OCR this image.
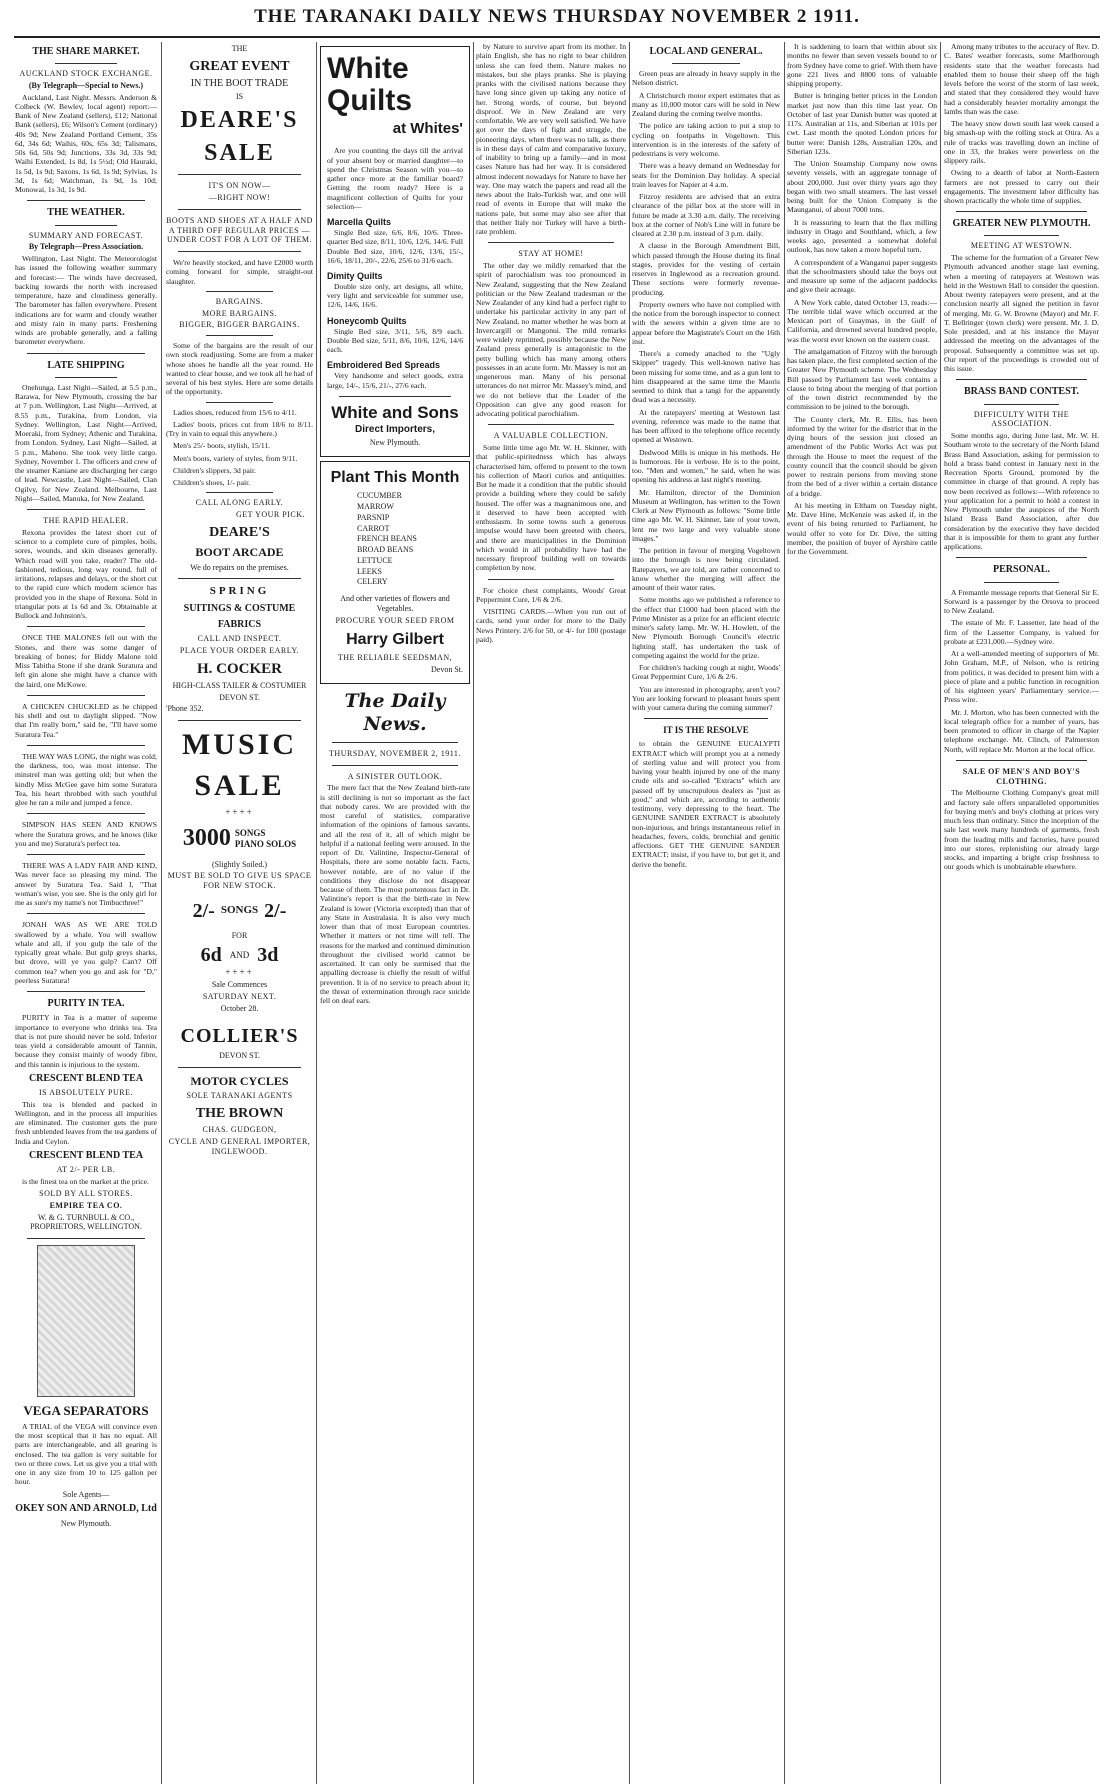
THE TARANAKI DAILY NEWS THURSDAY NOVEMBER 2 1911.
THE SHARE MARKET.
AUCKLAND STOCK EXCHANGE.
(By Telegraph—Special to News.)

Auckland, Last Night. Messrs. Anderson & Colbeck (W. Bewlev, local agent) report:—Bank of New Zealand (sellers), £12; National Bank (sellers), £6; Wilson's Cement (ordinary) 40s 9d; New Zealand Portland Cement, 35s 6d, 34s 6d; Waihis, 60s, 65s 3d; Talismans, 50s 6d, 50s 9d; Junctions, 33s 3d, 33s 9d; Waihi Extended, 1s 8d, 1s 5½d; Old Hauraki, 1s 5d, 1s 9d; Saxons, 1s 6d, 1s 9d; Sylvias, 1s 3d, 1s 6d; Watchman, 1s 9d, 1s 10d; Monowai, 1s 3d, 1s 9d.

THE WEATHER.
SUMMARY AND FORECAST.
By Telegraph—Press Association.

Wellington, Last Night. The Meteorologist has issued the following weather summary and forecast:— The winds have decreased, backing towards the north with increased temperature, haze and cloudiness generally. The barometer has fallen everywhere. Present indications are for warm and cloudy weather and misty rain in many parts. Freshening winds are probable generally, and a falling barometer everywhere.

LATE SHIPPING

Onehunga, Last Night—Sailed, at 5.5 p.m., Rarawa, for New Plymouth, crossing the bar at 7 p.m. Wellington, Last Night—Arrived, at 8.55 p.m., Turakina, from London, via Sydney. Wellington, Last Night—Arrived, Moeraki, from Sydney; Athenic and Turakina, from London. Sydney, Last Night—Sailed, at 5 p.m., Maheno. She took very little cargo. Sydney, November 1. The officers and crew of the steamer Kaniane are discharging her cargo of lead. Newcastle, Last Night—Sailed, Clan Ogilvy, for New Zealand. Melbourne, Last Night—Sailed, Manuka, for New Zealand.

THE RAPID HEALER.

Rexona provides the latest short cut of science to a complete cure of pimples, boils, sores, wounds, and skin diseases generally. Which road will you take, reader? The old-fashioned, tedious, long way round, full of irritations, relapses and delays, or the short cut to the rapid cure which modern science has provided you in the shape of Rexona. Sold in triangular pots at 1s 6d and 3s. Obtainable at Bullock and Johnston's.

ONCE THE MALONES fell out with the Stones, and there was some danger of breaking of bones; for Biddy Malone told Miss Tabitha Stone if she drank Suratura and left gin alone she might have a chance with the laird, one McKowe.

A CHICKEN CHUCKLED as he chipped his shell and out to daylight slipped. "Now that I'm really born," said he, "I'll have some Suratura Tea."

THE WAY WAS LONG, the night was cold; the darkness, too, was most intense. The minstrel man was getting old; but when the kindly Miss McGee gave him some Suratura Tea, his heart throbbed with such youthful glee he ran a mile and jumped a fence.

SIMPSON HAS SEEN AND KNOWS where the Suratura grows, and he knows (like you and me) Suratura's perfect tea.

THERE WAS A LADY FAIR AND KIND, Was never face so pleasing my mind. The answer by Suratura Tea. Said I, "That woman's wise, you see. She is the only girl for me as sure's my name's not Timbucthree!"

JONAH WAS AS WE ARE TOLD swallowed by a whale. You will swallow whale and all, if you gulp the tale of the typically great whale. But gulp greys sharks, but drove, will ye you gulp? Can't? Off common tea? when you go and ask for "D," peerless Suratura!

PURITY IN TEA.

PURITY in Tea is a matter of supreme importance to everyone who drinks tea. Tea that is not pure should never be sold. Inferior teas yield a considerable amount of Tannin, because they consist mainly of woody fibre, and this tannin is injurious to the system.

CRESCENT BLEND TEA
IS ABSOLUTELY PURE.

This tea is blended and packed in Wellington, and in the process all impurities are eliminated. The customer gets the pure fresh unblended leaves from the tea gardens of India and Ceylon.

CRESCENT BLEND TEA
AT 2/- PER LB.

is the finest tea on the market at the price.

SOLD BY ALL STORES.
EMPIRE TEA CO.
W. & G. TURNBULL & CO., PROPRIETORS, WELLINGTON.
VEGA SEPARATORS

A TRIAL of the VEGA will convince even the most sceptical that it has no equal. All parts are interchangeable, and all gearing is enclosed. The tea gallon is very suitable for two or three cows. Let us give you a trial with one in any size from 10 to 125 gallon per hour.

Sole Agents—
OKEY SON AND ARNOLD, Ltd
New Plymouth.
THE
GREAT EVENT
IN THE BOOT TRADE
IS
DEARE'S
SALE
IT'S ON NOW—
—RIGHT NOW!
BOOTS AND SHOES AT A HALF AND A THIRD OFF REGULAR PRICES — UNDER COST FOR A LOT OF THEM.

We're heavily stocked, and have £2000 worth coming forward for simple, straight-out slaughter.

BARGAINS.
MORE BARGAINS.
BIGGER, BIGGER BARGAINS.

Some of the bargains are the result of our own stock readjusting. Some are from a maker whose shoes he handle all the year round. He wanted to clear house, and we took all he had of several of his best styles. Here are some details of the opportunity.

Ladies shoes, reduced from 15/6 to 4/11.

Ladies' boots, prices cut from 18/6 to 8/11. (Try in vain to equal this anywhere.)

Men's 25/- boots, stylish, 15/11.

Men's boots, variety of styles, from 9/11.

Children's slippers, 3d pair.

Children's shoes, 1/- pair.

CALL ALONG EARLY.
GET YOUR PICK.
DEARE'S
BOOT ARCADE
We do repairs on the premises.
SPRING
SUITINGS & COSTUME
FABRICS
CALL AND INSPECT.
PLACE YOUR ORDER EARLY.
H. COCKER
HIGH-CLASS TAILER & COSTUMIER
DEVON ST.
'Phone 352.
MUSIC
SALE
++++
3000 SONGS
PIANO SOLOS
(Slightly Soiled.)
MUST BE SOLD TO GIVE US SPACE FOR NEW STOCK.
2/- SONGS 2/-
FOR
6d AND 3d
++++
Sale Commences
SATURDAY NEXT.
October 28.
COLLIER'S
DEVON ST.
MOTOR CYCLES
SOLE TARANAKI AGENTS
THE BROWN
CHAS. GUDGEON,
CYCLE AND GENERAL IMPORTER, INGLEWOOD.
White
Quilts
at Whites'

Are you counting the days till the arrival of your absent boy or married daughter—to spend the Christmas Season with you—to gather once more at the familiar board? Getting the room ready? Here is a magnificent collection of Quilts for your selection—

Marcella Quilts

Single Bed size, 6/6, 8/6, 10/6. Three-quarter Bed size, 8/11, 10/6, 12/6, 14/6. Full Double Bed size, 10/6, 12/6, 13/6, 15/-, 16/6, 18/11, 20/-, 22/6, 25/6 to 31/6 each.

Dimity Quilts

Double size only, art designs, all white, very light and serviceable for summer use, 12/6, 14/6, 16/6.

Honeycomb Quilts

Single Bed size, 3/11, 5/6, 8/9 each. Double Bed size, 5/11, 8/6, 10/6, 12/6, 14/6 each.

Embroidered Bed Spreads

Very handsome and select goods, extra large, 14/-, 15/6, 21/-, 27/6 each.

White and Sons
Direct Importers,
New Plymouth.
Plant This Month
CUCUMBER
MARROW
PARSNIP
CARROT
FRENCH BEANS
BROAD BEANS
LETTUCE
LEEKS
CELERY
And other varieties of flowers and Vegetables.
PROCURE YOUR SEED FROM
Harry Gilbert
THE RELIABLE SEEDSMAN,
Devon St.
The Daily News.
THURSDAY, NOVEMBER 2, 1911.
A SINISTER OUTLOOK.

The mere fact that the New Zealand birth-rate is still declining is not so important as the fact that nobody cares. We are provided with the most careful of statistics, comparative information of the opinions of famous savants, and all the rest of it, all of which might be helpful if a national feeling were aroused. In the report of Dr. Valintine, Inspector-General of Hospitals, there are some notable facts. Facts, however notable, are of no value if the conditions they disclose do not disappear because of them. The most portentous fact in Dr. Valintine's report is that the birth-rate in New Zealand is lower (Victoria excepted) than that of any State in Australasia. It is also very much lower than that of most European countries. Whether it matters or not time will tell. The reasons for the marked and continued diminution throughout the civilised world cannot be ascertained. It can only be surmised that the appalling decrease is chiefly the result of wilful prevention. It is of no service to preach about it; the threat of extermination through race suicide fell on deaf ears.

by Nature to survive apart from its mother. In plain English, she has no right to bear children unless she can feed them. Nature makes no mistakes, but she plays pranks. She is playing pranks with the civilised nations because they have long since given up taking any notice of her. Strong words, of course, but beyond disproof. We in New Zealand are very comfortable. We are very well satisfied. We have got over the days of fight and struggle, the pioneering days, when there was no talk, as there is in these days of calm and comparative luxury, of inability to bring up a family—and in most cases Nature has had her way. It is considered almost indecent nowadays for Nature to have her way. One may watch the papers and read all the news about the Italo-Turkish war, and one will read of events in Europe that will make the nations pale, but some may also see after that that neither Italy nor Turkey will have a birth-rate problem.

STAY AT HOME!

The other day we mildly remarked that the spirit of parochialism was too pronounced in New Zealand, suggesting that the New Zealand politician or the New Zealand tradesman or the New Zealander of any kind had a perfect right to undertake his particular activity in any part of New Zealand, no matter whether he was born at Invercargill or Mangonui. The mild remarks were widely reprinted, possibly because the New Zealand press generally is antagonistic to the petty bulling which has many among others possesses in an acute form. Mr. Massey is not an ungenerous man. Many of his personal utterances do not mirror Mr. Massey's mind, and we do not believe that the Leader of the Opposition can give any good reason for advocating political parochialism.

A VALUABLE COLLECTION.

Some little time ago Mr. W. H. Skinner, with that public-spiritedness which has always characterised him, offered to present to the town his collection of Maori curios and antiquities. But he made it a condition that the public should provide a building where they could be safely housed. The offer was a magnanimous one, and it deserved to have been accepted with enthusiasm. In some towns such a generous impulse would have been greeted with cheers, and there are municipalities in the Dominion which would in all probability have had the necessary fireproof building well on towards completion by now.

For choice chest complaints, Woods' Great Peppermint Cure, 1/6 & 2/6.

VISITING CARDS.—When you run out of cards, send your order for more to the Daily News Printery. 2/6 for 50, or 4/- for 100 (postage paid).

LOCAL AND GENERAL.

Green peas are already in heavy supply in the Nelson district.

A Christchurch motor expert estimates that as many as 10,000 motor cars will be sold in New Zealand during the coming twelve months.

The police are taking action to put a stop to cycling on footpaths in Vogeltown. This intervention is in the interests of the safety of pedestrians is very welcome.

There was a heavy demand on Wednesday for seats for the Dominion Day holiday. A special train leaves for Napier at 4 a.m.

Fitzroy residents are advised that an extra clearance of the pillar box at the store will in future be made at 3.30 a.m. daily. The receiving box at the corner of Nob's Line will in future be cleared at 2.30 p.m. instead of 3 p.m. daily.

A clause in the Borough Amendment Bill, which passed through the House during its final stages, provides for the vesting of certain reserves in Inglewood as a recreation ground. These sections were formerly revenue-producing.

Property owners who have not complied with the notice from the borough inspector to connect with the sewers within a given time are to appear before the Magistrate's Court on the 16th inst.

There's a comedy attached to the "Ugly Skipper" tragedy. This well-known native has been missing for some time, and as a gun lent to him disappeared at the same time the Maoris seemed to think that a tangi for the apparently dead was a necessity.

At the ratepayers' meeting at Westown last evening, reference was made to the name that has been affixed to the telephone office recently opened at Westown.

Dedwood Mills is unique in his methods. He is humorous. He is verbose. He is to the point, too. "Men and women," he said, when he was opening his address at last night's meeting.

Mr. Hamilton, director of the Dominion Museum at Wellington, has written to the Town Clerk at New Plymouth as follows: "Some little time ago Mr. W. H. Skinner, late of your town, lent me two large and very valuable stone images."

The petition in favour of merging Vogeltown into the borough is now being circulated. Ratepayers, we are told, are rather concerned to know whether the merging will affect the amount of their water rates.

Some months ago we published a reference to the effect that £1000 had been placed with the Prime Minister as a prize for an efficient electric miner's safety lamp. Mr. W. H. Howlett, of the New Plymouth Borough Council's electric lighting staff, has undertaken the task of competing against the world for the prize.

For children's hacking cough at night, Woods' Great Peppermint Cure, 1/6 & 2/6.

You are interested in photography, aren't you? You are looking forward to pleasant hours spent with your camera during the coming summer?

IT IS THE RESOLVE

to obtain the GENUINE EUCALYPTI EXTRACT which will prompt you at a remedy of sterling value and will protect you from having your health injured by one of the many crude oils and so-called "Extracts" which are passed off by unscrupulous dealers as "just as good," and which are, according to authentic testimony, very depressing to the heart. The GENUINE SANDER EXTRACT is absolutely non-injurious, and brings instantaneous relief in headaches, fevers, colds, bronchial and genitic affections. GET THE GENUINE SANDER EXTRACT; insist, if you have to, but get it, and derive the benefit.

It is saddening to learn that within about six months no fewer than seven vessels bound to or from Sydney have come to grief. With them have gone 221 lives and 8800 tons of valuable shipping property.

Butter is bringing better prices in the London market just now than this time last year. On October of last year Danish butter was quoted at 117s. Australian at 11s, and Siberian at 101s per cwt. Last month the quoted London prices for butter were: Danish 128s, Australian 120s, and Siberian 123s.

The Union Steamship Company now owns seventy vessels, with an aggregate tonnage of about 200,000. Just over thirty years ago they began with two small steamers. The last vessel being built for the Union Company is the Maunganui, of about 7000 tons.

It is reassuring to learn that the flax milling industry in Otago and Southland, which, a few weeks ago, presented a somewhat doleful outlook, has now taken a more hopeful turn.

A correspondent of a Wanganui paper suggests that the schoolmasters should take the boys out and measure up some of the adjacent paddocks and give their acreage.

A New York cable, dated October 13, reads:—The terrible tidal wave which occurred at the Mexican port of Guaymas, in the Gulf of California, and drowned several hundred people, was the worst ever known on the eastern coast.

The amalgamation of Fitzroy with the borough has taken place, the first completed section of the Greater New Plymouth scheme. The Wednesday Bill passed by Parliament last week contains a clause to bring about the merging of that portion of the town district recommended by the commission to be joined to the borough.

The County clerk, Mr. R. Ellis, has been informed by the writer for the district that in the dying hours of the session just closed an amendment of the Public Works Act was put through the House to meet the request of the county council that the council should be given power to restrain persons from moving stone from the bed of a river within a certain distance of a bridge.

At his meeting in Eltham on Tuesday night, Mr. Dave Hine, McKenzie was asked if, in the event of his being returned to Parliament, he would offer to vote for Dr. Dive, the sitting member, the position of buyer of Ayrshire cattle for the Government.

Among many tributes to the accuracy of Rev. D. C. Bates' weather forecasts, some Marlborough residents state that the weather forecasts had enabled them to house their sheep off the high levels before the worst of the storm of last week, and stated that they considered they would have had a considerably heavier mortality amongst the lambs than was the case.

The heavy snow down south last week caused a big smash-up with the rolling stock at Otira. As a rule of tracks was travelling down an incline of one in 33, the brakes were powerless on the slippery rails.

Owing to a dearth of labor at North-Eastern farmers are not pressed to carry out their engagements. The investment labor difficulty has shown practically the whole time of supplies.

GREATER NEW PLYMOUTH.
MEETING AT WESTOWN.

The scheme for the formation of a Greater New Plymouth advanced another stage last evening, when a meeting of ratepayers at Westown was held in the Westown Hall to consider the question. About twenty ratepayers were present, and at the conclusion nearly all signed the petition in favor of merging. Mr. G. W. Browne (Mayor) and Mr. F. T. Bellringer (town clerk) were present. Mr. J. D. Sole presided, and at his instance the Mayor addressed the meeting on the advantages of the proposal. Subsequently a committee was set up. Our report of the proceedings is crowded out of this issue.

BRASS BAND CONTEST.
DIFFICULTY WITH THE ASSOCIATION.

Some months ago, during June last, Mr. W. H. Southam wrote to the secretary of the North Island Brass Band Association, asking for permission to hold a brass band contest in January next in the Recreation Sports Ground, promoted by the committee in charge of that ground. A reply has now been received as follows:—With reference to your application for a permit to hold a contest in New Plymouth under the auspices of the North Island Brass Band Association, after due consideration by the executive they have decided that it is impossible for them to grant any further applications.

PERSONAL.

A Fremantle message reports that General Sir E. Sorward is a passenger by the Orsova to proceed to New Zealand.

The estate of Mr. F. Lassetter, late head of the firm of the Lassetter Company, is valued for probate at £231,000.—Sydney wire.

At a well-attended meeting of supporters of Mr. John Graham, M.P., of Nelson, who is retiring from politics, it was decided to present him with a piece of plate and a public function in recognition of his eighteen years' Parliamentary service.—Press wire.

Mr. J. Morton, who has been connected with the local telegraph office for a number of years, has been promoted to officer in charge of the Napier telephone exchange. Mr. Clinch, of Palmerston North, will replace Mr. Morton at the local office.

SALE OF MEN'S AND BOY'S CLOTHING.

The Melbourne Clothing Company's great mill and factory sale offers unparalleled opportunities for buying men's and boy's clothing at prices very much less than ordinary. Since the inception of the sale last week many hundreds of garments, fresh from the leading mills and factories, have poured into our stores, replenishing our already large stocks, and imparting a bright crisp freshness to our goods which is unobtainable elsewhere.
